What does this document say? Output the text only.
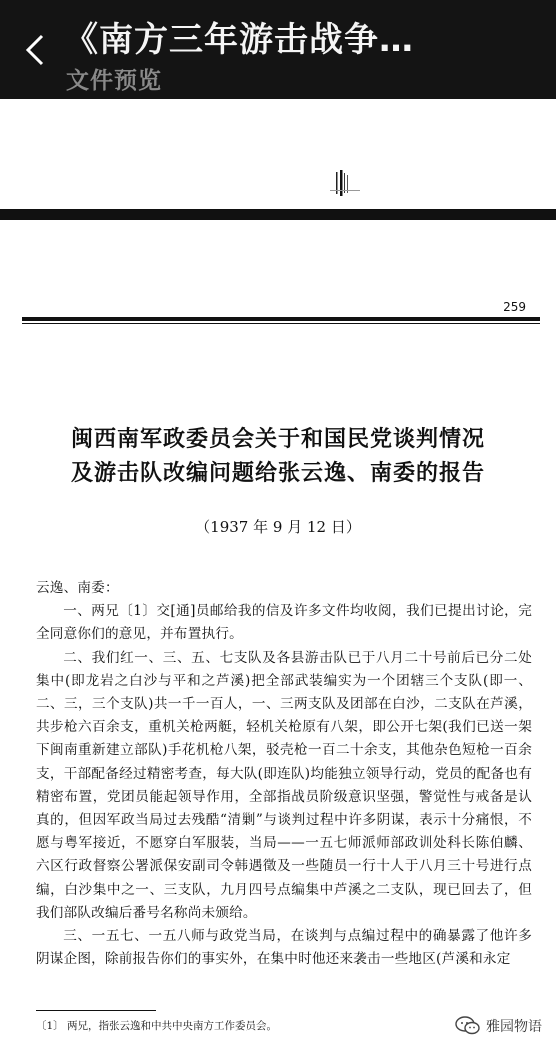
《南方三年游击战争…
文件预览
259
闽西南军政委员会关于和国民党谈判情况
及游击队改编问题给张云逸、南委的报告
（1937 年 9 月 12 日）

云逸、南委：

一、两兄〔1〕交[通]员邮给我的信及许多文件均收阅，我们已提出讨论，完全同意你们的意见，并布置执行。

二、我们红一、三、五、七支队及各县游击队已于八月二十号前后已分二处集中(即龙岩之白沙与平和之芦溪)把全部武装编实为一个团辖三个支队(即一、二、三，三个支队)共一千一百人，一、三两支队及团部在白沙，二支队在芦溪，共步枪六百余支，重机关枪两艇，轻机关枪原有八架，即公开七架(我们已送一架下闽南重新建立部队)手花机枪八架，驳壳枪一百二十余支，其他杂色短枪一百余支，干部配备经过精密考查，每大队(即连队)均能独立领导行动，党员的配备也有精密布置，党团员能起领导作用，全部指战员阶级意识坚强，警觉性与戒备是认真的，但因军政当局过去残酷“清剿”与谈判过程中许多阴谋，表示十分痛恨，不愿与粤军接近，不愿穿白军服装，当局——一五七师派师部政训处科长陈伯麟、六区行政督察公署派保安副司令韩遇徵及一些随员一行十人于八月三十号进行点编，白沙集中之一、三支队，九月四号点编集中芦溪之二支队，现已回去了，但我们部队改编后番号名称尚未颁给。

三、一五七、一五八师与政党当局，在谈判与点编过程中的确暴露了他许多阴谋企图，除前报告你们的事实外，在集中时他还来袭击一些地区(芦溪和永定

〔1〕 两兄，指张云逸和中共中央南方工作委员会。	雅园物语
